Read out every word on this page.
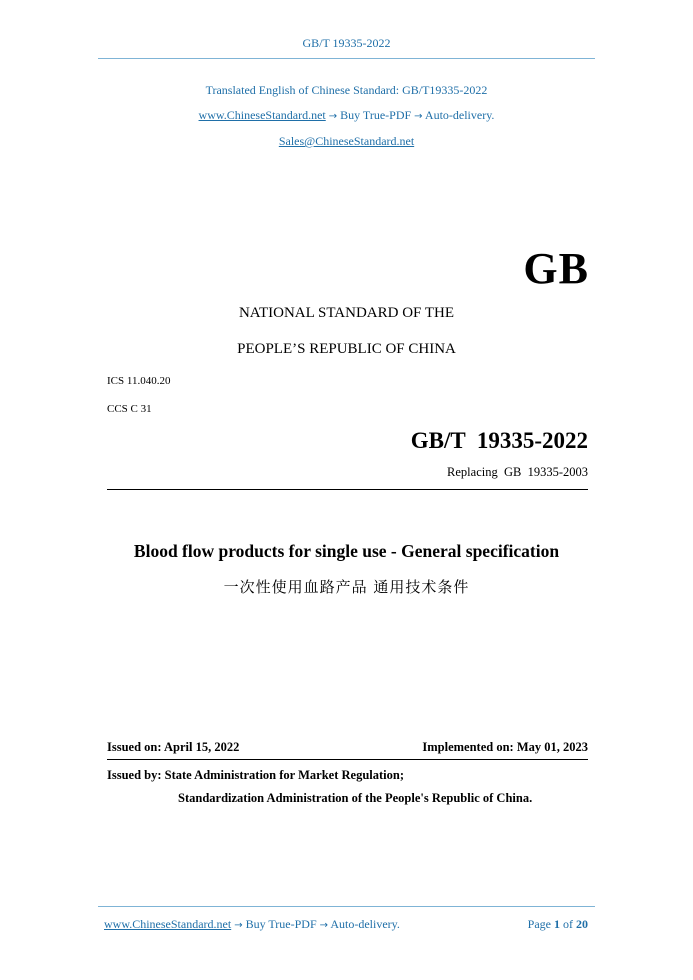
GB/T 19335-2022
Translated English of Chinese Standard: GB/T19335-2022
www.ChineseStandard.net → Buy True-PDF → Auto-delivery.
Sales@ChineseStandard.net
GB
NATIONAL STANDARD OF THE
PEOPLE’S REPUBLIC OF CHINA
ICS 11.040.20
CCS C 31
GB/T  19335-2022
Replacing  GB  19335-2003
Blood flow products for single use - General specification
一次性使用血路产品 通用技术条件
Issued on: April 15, 2022	Implemented on: May 01, 2023
Issued by: State Administration for Market Regulation;
Standardization Administration of the People's Republic of China.
www.ChineseStandard.net → Buy True-PDF → Auto-delivery.	Page 1 of 20
